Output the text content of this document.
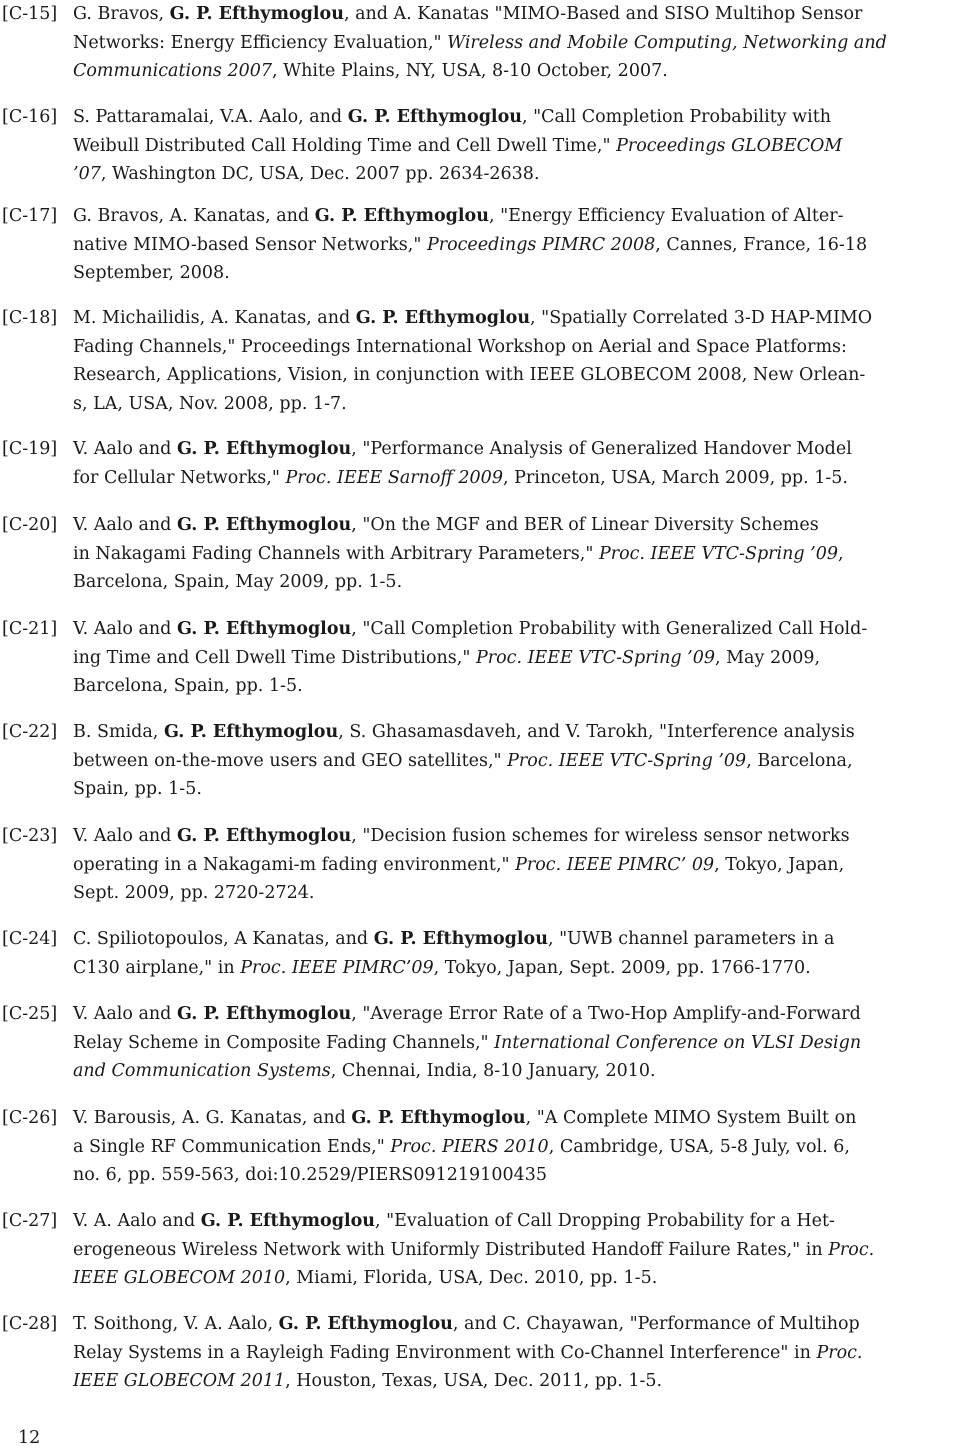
[C-15] G. Bravos, G. P. Efthymoglou, and A. Kanatas "MIMO-Based and SISO Multihop Sensor
Networks: Energy Efficiency Evaluation," Wireless and Mobile Computing, Networking and
Communications 2007, White Plains, NY, USA, 8-10 October, 2007.
[C-16] S. Pattaramalai, V.A. Aalo, and G. P. Efthymoglou, "Call Completion Probability with
Weibull Distributed Call Holding Time and Cell Dwell Time," Proceedings GLOBECOM
’07, Washington DC, USA, Dec. 2007 pp. 2634-2638.
[C-17] G. Bravos, A. Kanatas, and G. P. Efthymoglou, "Energy Efficiency Evaluation of Alter-
native MIMO-based Sensor Networks," Proceedings PIMRC 2008, Cannes, France, 16-18
September, 2008.
[C-18] M. Michailidis, A. Kanatas, and G. P. Efthymoglou, "Spatially Correlated 3-D HAP-MIMO
Fading Channels," Proceedings International Workshop on Aerial and Space Platforms:
Research, Applications, Vision, in conjunction with IEEE GLOBECOM 2008, New Orlean-
s, LA, USA, Nov. 2008, pp. 1-7.
[C-19] V. Aalo and G. P. Efthymoglou, "Performance Analysis of Generalized Handover Model
for Cellular Networks," Proc. IEEE Sarnoff 2009, Princeton, USA, March 2009, pp. 1-5.
[C-20] V. Aalo and G. P. Efthymoglou, "On the MGF and BER of Linear Diversity Schemes
in Nakagami Fading Channels with Arbitrary Parameters," Proc. IEEE VTC-Spring ’09,
Barcelona, Spain, May 2009, pp. 1-5.
[C-21] V. Aalo and G. P. Efthymoglou, "Call Completion Probability with Generalized Call Hold-
ing Time and Cell Dwell Time Distributions," Proc. IEEE VTC-Spring ’09, May 2009,
Barcelona, Spain, pp. 1-5.
[C-22] B. Smida, G. P. Efthymoglou, S. Ghasamasdaveh, and V. Tarokh, "Interference analysis
between on-the-move users and GEO satellites," Proc. IEEE VTC-Spring ’09, Barcelona,
Spain, pp. 1-5.
[C-23] V. Aalo and G. P. Efthymoglou, "Decision fusion schemes for wireless sensor networks
operating in a Nakagami-m fading environment," Proc. IEEE PIMRC’ 09, Tokyo, Japan,
Sept. 2009, pp. 2720-2724.
[C-24] C. Spiliotopoulos, A Kanatas, and G. P. Efthymoglou, "UWB channel parameters in a
C130 airplane," in Proc. IEEE PIMRC’09, Tokyo, Japan, Sept. 2009, pp. 1766-1770.
[C-25] V. Aalo and G. P. Efthymoglou, "Average Error Rate of a Two-Hop Amplify-and-Forward
Relay Scheme in Composite Fading Channels," International Conference on VLSI Design
and Communication Systems, Chennai, India, 8-10 January, 2010.
[C-26] V. Barousis, A. G. Kanatas, and G. P. Efthymoglou, "A Complete MIMO System Built on
a Single RF Communication Ends," Proc. PIERS 2010, Cambridge, USA, 5-8 July, vol. 6,
no. 6, pp. 559-563, doi:10.2529/PIERS091219100435
[C-27] V. A. Aalo and G. P. Efthymoglou, "Evaluation of Call Dropping Probability for a Het-
erogeneous Wireless Network with Uniformly Distributed Handoff Failure Rates," in Proc.
IEEE GLOBECOM 2010, Miami, Florida, USA, Dec. 2010, pp. 1-5.
[C-28] T. Soithong, V. A. Aalo, G. P. Efthymoglou, and C. Chayawan, "Performance of Multihop
Relay Systems in a Rayleigh Fading Environment with Co-Channel Interference" in Proc.
IEEE GLOBECOM 2011, Houston, Texas, USA, Dec. 2011, pp. 1-5.
12
